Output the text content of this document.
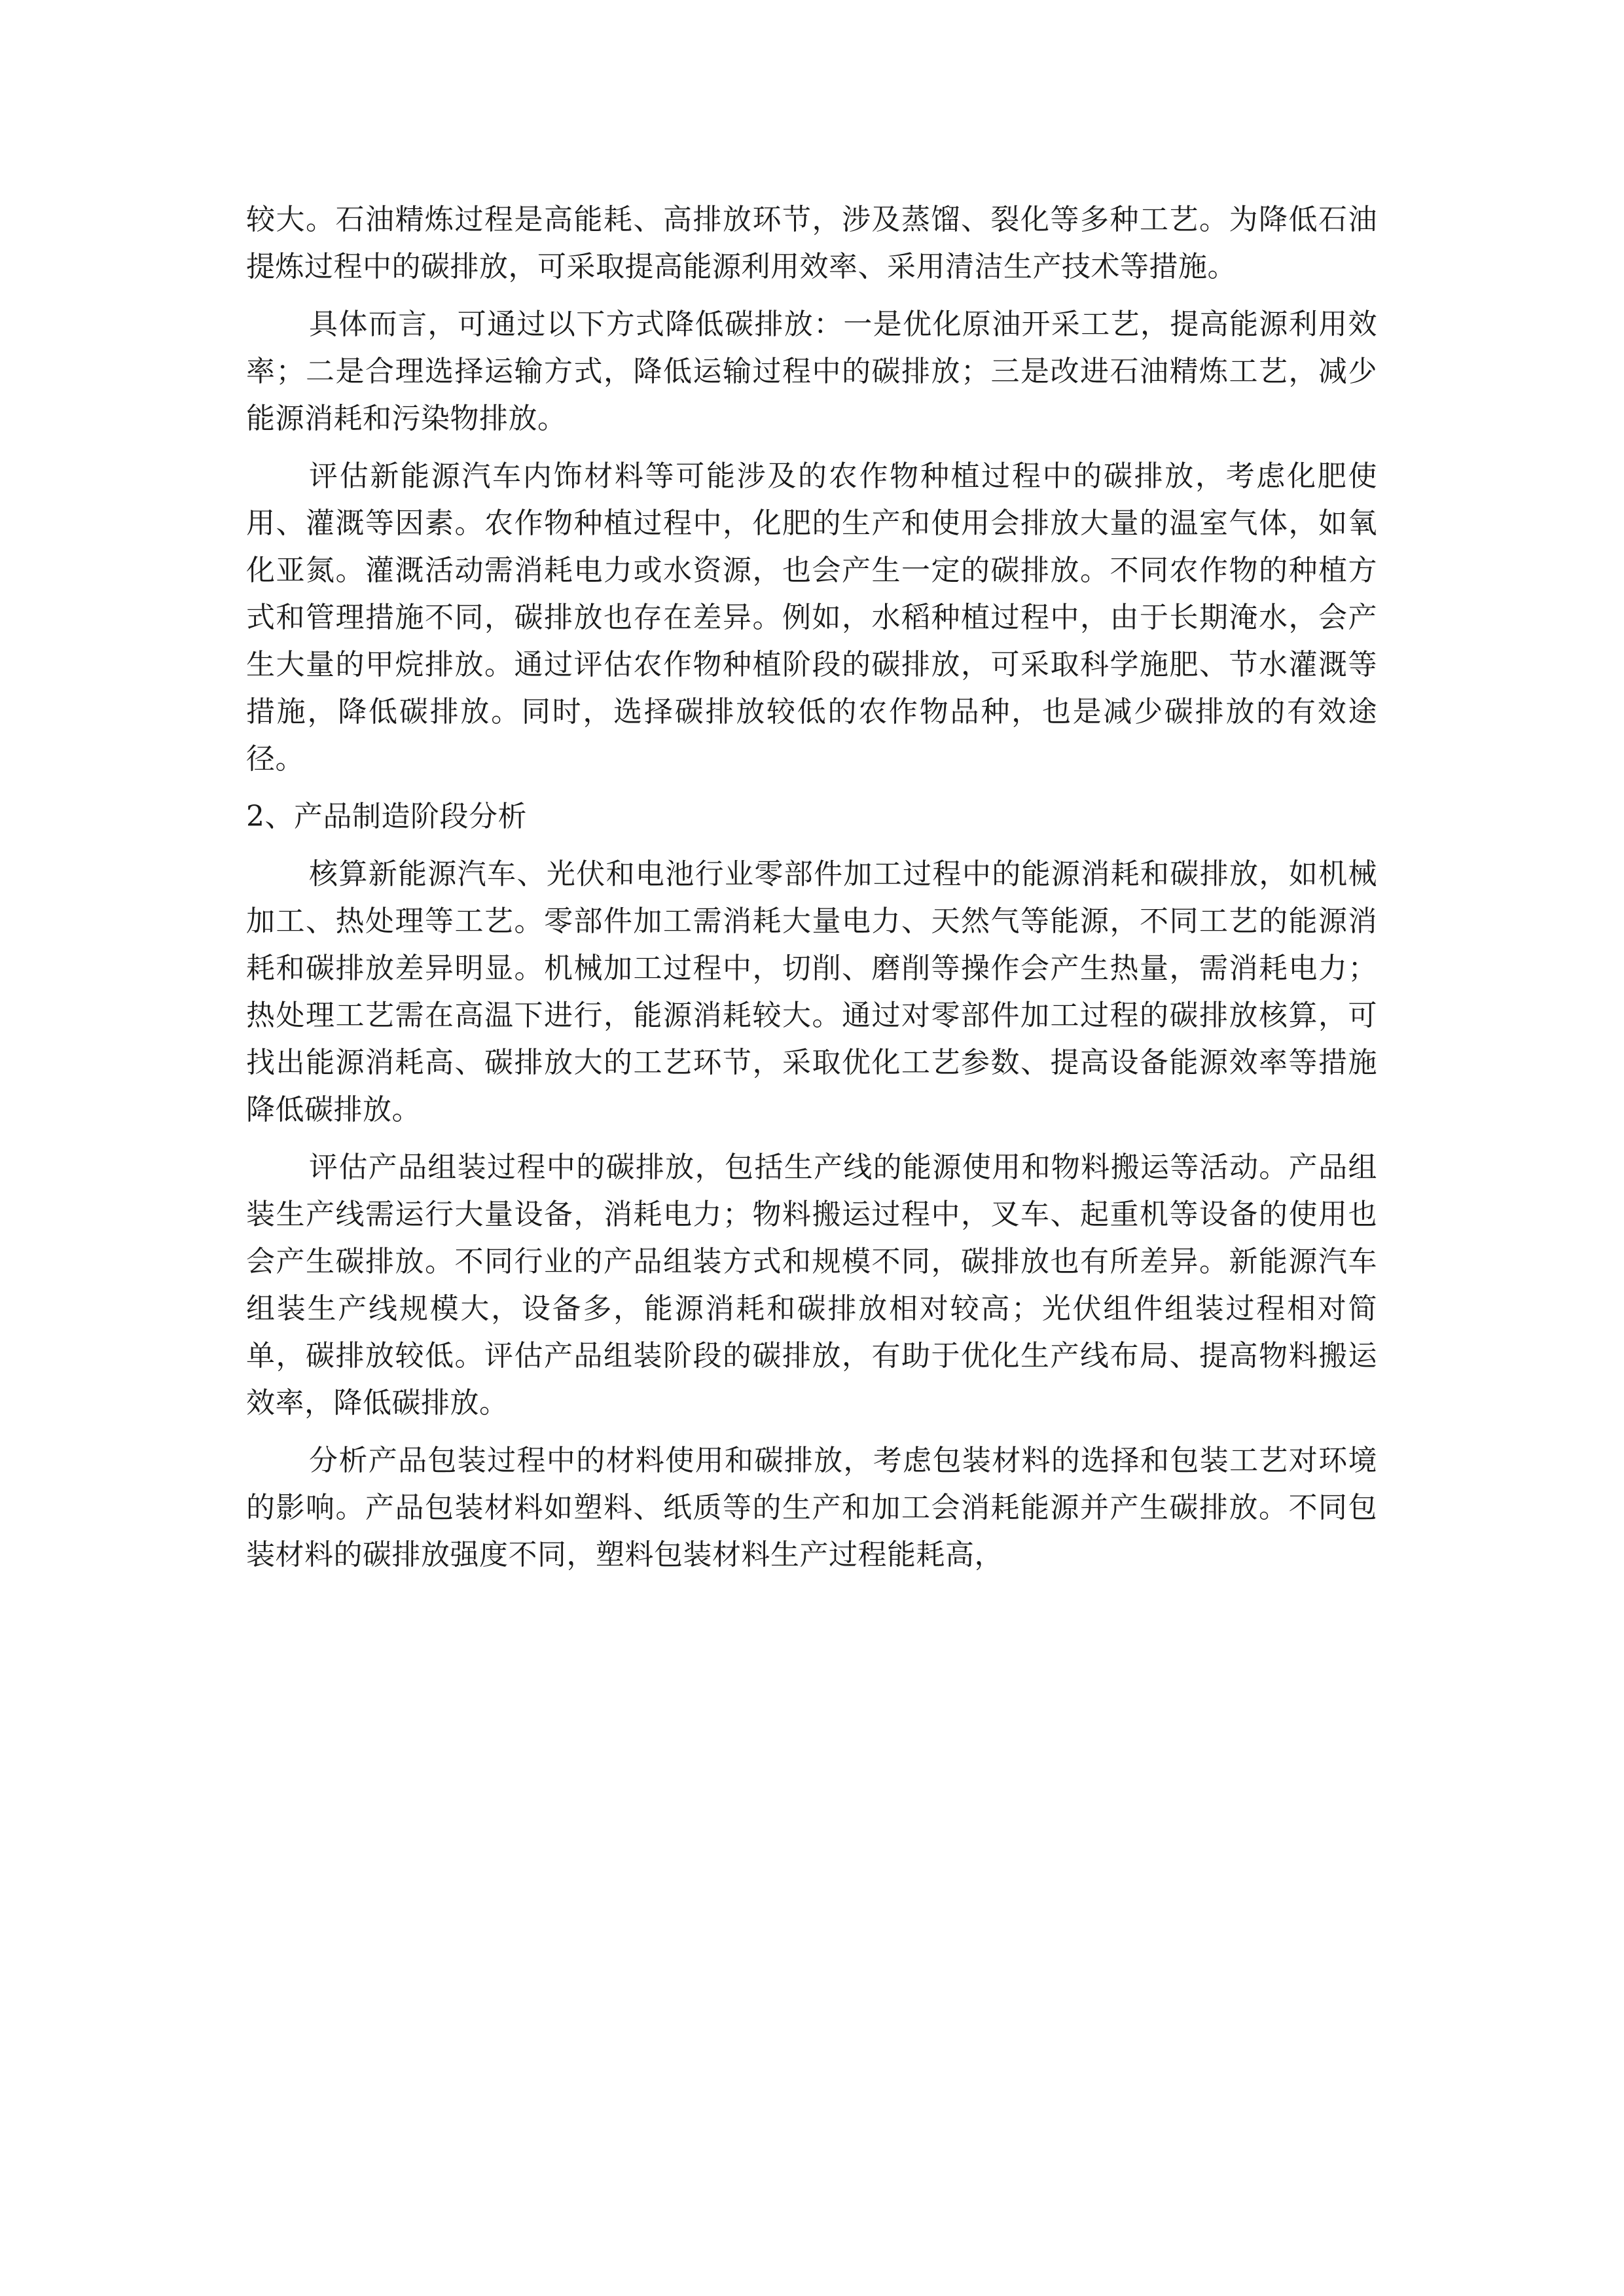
较大。石油精炼过程是高能耗、高排放环节，涉及蒸馏、裂化等多种工艺。为降低石油提炼过程中的碳排放，可采取提高能源利用效率、采用清洁生产技术等措施。

具体而言，可通过以下方式降低碳排放：一是优化原油开采工艺，提高能源利用效率；二是合理选择运输方式，降低运输过程中的碳排放；三是改进石油精炼工艺，减少能源消耗和污染物排放。

评估新能源汽车内饰材料等可能涉及的农作物种植过程中的碳排放，考虑化肥使用、灌溉等因素。农作物种植过程中，化肥的生产和使用会排放大量的温室气体，如氧化亚氮。灌溉活动需消耗电力或水资源，也会产生一定的碳排放。不同农作物的种植方式和管理措施不同，碳排放也存在差异。例如，水稻种植过程中，由于长期淹水，会产生大量的甲烷排放。通过评估农作物种植阶段的碳排放，可采取科学施肥、节水灌溉等措施，降低碳排放。同时，选择碳排放较低的农作物品种，也是减少碳排放的有效途径。

2、产品制造阶段分析

核算新能源汽车、光伏和电池行业零部件加工过程中的能源消耗和碳排放，如机械加工、热处理等工艺。零部件加工需消耗大量电力、天然气等能源，不同工艺的能源消耗和碳排放差异明显。机械加工过程中，切削、磨削等操作会产生热量，需消耗电力；热处理工艺需在高温下进行，能源消耗较大。通过对零部件加工过程的碳排放核算，可找出能源消耗高、碳排放大的工艺环节，采取优化工艺参数、提高设备能源效率等措施降低碳排放。

评估产品组装过程中的碳排放，包括生产线的能源使用和物料搬运等活动。产品组装生产线需运行大量设备，消耗电力；物料搬运过程中，叉车、起重机等设备的使用也会产生碳排放。不同行业的产品组装方式和规模不同，碳排放也有所差异。新能源汽车组装生产线规模大，设备多，能源消耗和碳排放相对较高；光伏组件组装过程相对简单，碳排放较低。评估产品组装阶段的碳排放，有助于优化生产线布局、提高物料搬运效率，降低碳排放。

分析产品包装过程中的材料使用和碳排放，考虑包装材料的选择和包装工艺对环境的影响。产品包装材料如塑料、纸质等的生产和加工会消耗能源并产生碳排放。不同包装材料的碳排放强度不同，塑料包装材料生产过程能耗高，
